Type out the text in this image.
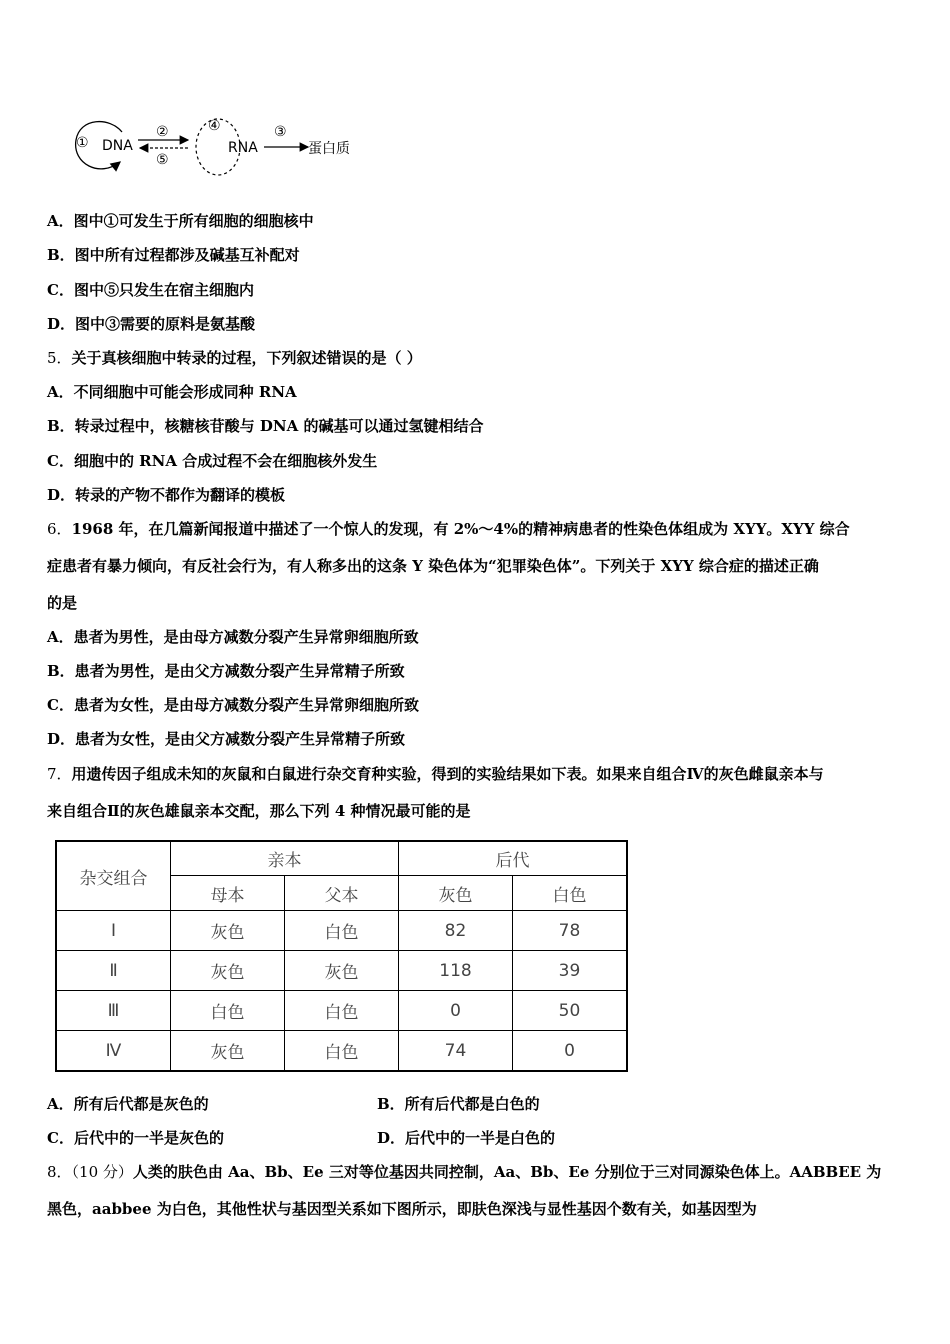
① DNA
②
⑤
④
RNA
③
蛋白质
A．图中①可发生于所有细胞的细胞核中
B．图中所有过程都涉及碱基互补配对
C．图中⑤只发生在宿主细胞内
D．图中③需要的原料是氨基酸
5．关于真核细胞中转录的过程，下列叙述错误的是（ ）
A．不同细胞中可能会形成同种 RNA
B．转录过程中，核糖核苷酸与 DNA 的碱基可以通过氢键相结合
C．细胞中的 RNA 合成过程不会在细胞核外发生
D．转录的产物不都作为翻译的模板
6．1968 年，在几篇新闻报道中描述了一个惊人的发现，有 2%～4%的精神病患者的性染色体组成为 XYY。XYY 综合
症患者有暴力倾向，有反社会行为，有人称多出的这条 Y 染色体为“犯罪染色体”。下列关于 XYY 综合症的描述正确
的是
A．患者为男性，是由母方减数分裂产生异常卵细胞所致
B．患者为男性，是由父方减数分裂产生异常精子所致
C．患者为女性，是由母方减数分裂产生异常卵细胞所致
D．患者为女性，是由父方减数分裂产生异常精子所致
7．用遗传因子组成未知的灰鼠和白鼠进行杂交育种实验，得到的实验结果如下表。如果来自组合Ⅳ的灰色雌鼠亲本与
来自组合Ⅱ的灰色雄鼠亲本交配，那么下列 4 种情况最可能的是
杂交组合	亲本		后代	
	母本	父本	灰色	白色
Ⅰ	灰色	白色	82	78
Ⅱ	灰色	灰色	118	39
Ⅲ	白色	白色	0	50
Ⅳ	灰色	白色	74	0
A．所有后代都是灰色的	B．所有后代都是白色的
C．后代中的一半是灰色的	D．后代中的一半是白色的
8．（10 分）人类的肤色由 Aa、Bb、Ee 三对等位基因共同控制，Aa、Bb、Ee 分别位于三对同源染色体上。AABBEE 为
黑色，aabbee 为白色，其他性状与基因型关系如下图所示，即肤色深浅与显性基因个数有关，如基因型为
